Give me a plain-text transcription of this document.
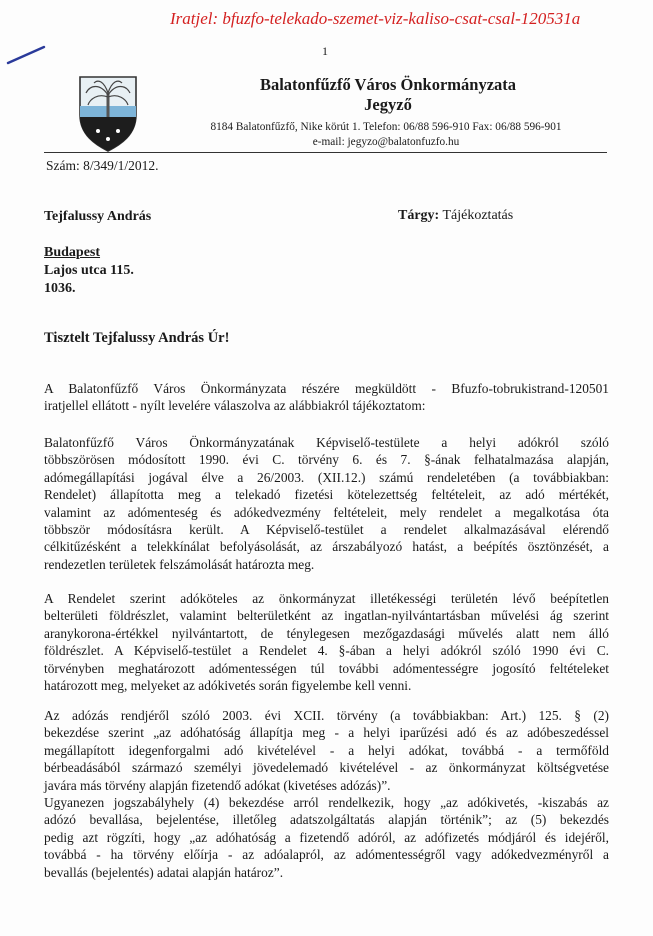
Iratjel: bfuzfo-telekado-szemet-viz-kaliso-csat-csal-120531a
1
Balatonfűzfő Város Önkormányzata
Jegyző
8184 Balatonfűzfő, Nike körút 1. Telefon: 06/88 596-910 Fax: 06/88 596-901
e-mail: jegyzo@balatonfuzfo.hu
Szám: 8/349/1/2012.
Tejfalussy András
Budapest
Lajos utca 115.
1036.
Tárgy: Tájékoztatás
Tisztelt Tejfalussy András Úr!
A Balatonfűzfő Város Önkormányzata részére megküldött - Bfuzfo-tobrukistrand-120501
iratjellel ellátott - nyílt levelére válaszolva az alábbiakról tájékoztatom:
Balatonfűzfő Város Önkormányzatának Képviselő-testülete a helyi adókról szóló
többszörösen módosított 1990. évi C. törvény 6. és 7. §-ának felhatalmazása alapján,
adómegállapítási jogával élve a 26/2003. (XII.12.) számú rendeletében (a továbbiakban:
Rendelet) állapította meg a telekadó fizetési kötelezettség feltételeit, az adó mértékét,
valamint az adómenteség és adókedvezmény feltételeit, mely rendelet a megalkotása óta
többször módosításra került. A Képviselő-testület a rendelet alkalmazásával elérendő
célkitűzésként a telekkínálat befolyásolását, az árszabályozó hatást, a beépítés ösztönzését, a
rendezetlen területek felszámolását határozta meg.
A Rendelet szerint adóköteles az önkormányzat illetékességi területén lévő beépítetlen
belterületi földrészlet, valamint belterületként az ingatlan-nyilvántartásban művelési ág szerint
aranykorona-értékkel nyilvántartott, de ténylegesen mezőgazdasági művelés alatt nem álló
földrészlet. A Képviselő-testület a Rendelet 4. §-ában a helyi adókról szóló 1990 évi C.
törvényben meghatározott adómentességen túl további adómentességre jogosító feltételeket
határozott meg, melyeket az adókivetés során figyelembe kell venni.
Az adózás rendjéről szóló 2003. évi XCII. törvény (a továbbiakban: Art.) 125. § (2)
bekezdése szerint „az adóhatóság állapítja meg - a helyi iparűzési adó és az adóbeszedéssel
megállapított idegenforgalmi adó kivételével - a helyi adókat, továbbá - a termőföld
bérbeadásából származó személyi jövedelemadó kivételével - az önkormányzat költségvetése
javára más törvény alapján fizetendő adókat (kivetéses adózás)”.
Ugyanezen jogszabályhely (4) bekezdése arról rendelkezik, hogy „az adókivetés, -kiszabás az
adózó bevallása, bejelentése, illetőleg adatszolgáltatás alapján történik”; az (5) bekezdés
pedig azt rögzíti, hogy „az adóhatóság a fizetendő adóról, az adófizetés módjáról és idejéről,
továbbá - ha törvény előírja - az adóalapról, az adómentességről vagy adókedvezményről a
bevallás (bejelentés) adatai alapján határoz”.
